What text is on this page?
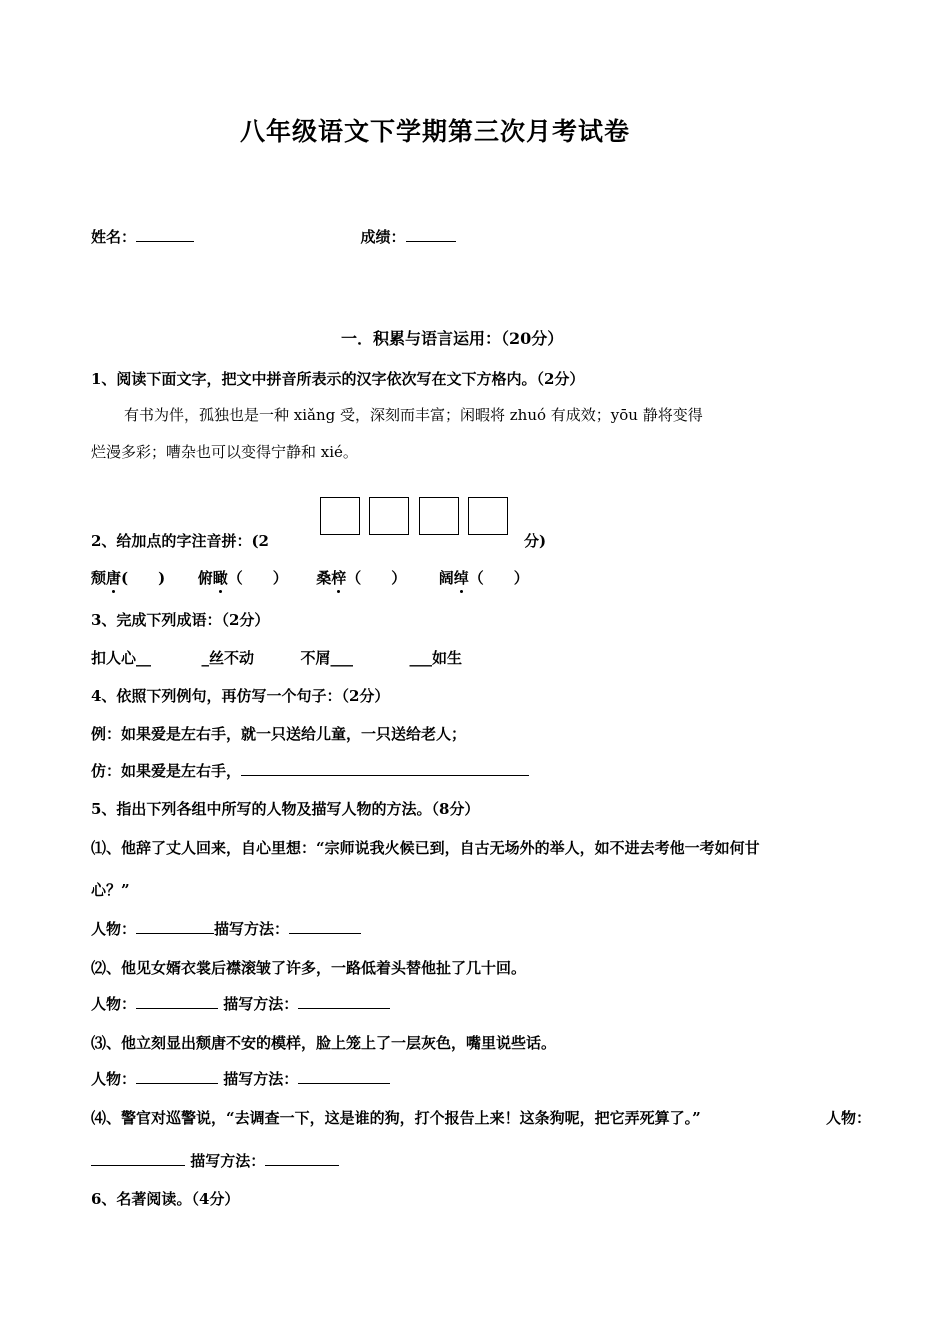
八年级语文下学期第三次月考试卷
姓名：	成绩：
一．积累与语言运用：（20分）
1、阅读下面文字，把文中拼音所表示的汉字依次写在文下方格内。（2分）
有书为伴，孤独也是一种 xiǎng 受，深刻而丰富；闲暇将 zhuó 有成效；yōu 静将变得
烂漫多彩；嘈杂也可以变得宁静和 xié。
2、给加点的字注音拼：(2	分)
颓唐(　　) 俯瞰（　　） 桑梓（　　） 阔绰（　　）
3、完成下列成语：（2分）
扣人心__	_丝不动	不屑___	___如生
4、依照下列例句，再仿写一个句子：（2分）
例：如果爱是左右手，就一只送给儿童，一只送给老人；
仿：如果爱是左右手，
5、指出下列各组中所写的人物及描写人物的方法。（8分）
⑴、他辞了丈人回来，自心里想：“宗师说我火候已到，自古无场外的举人，如不进去考他一考如何甘
心？”
人物：	描写方法：
⑵、他见女婿衣裳后襟滚皱了许多，一路低着头替他扯了几十回。
人物：	描写方法：
⑶、他立刻显出颓唐不安的模样，脸上笼上了一层灰色，嘴里说些话。
人物：	描写方法：
⑷、警官对巡警说，“去调查一下，这是谁的狗，打个报告上来！这条狗呢，把它弄死算了。”	人物：
描写方法：
6、名著阅读。（4分）
